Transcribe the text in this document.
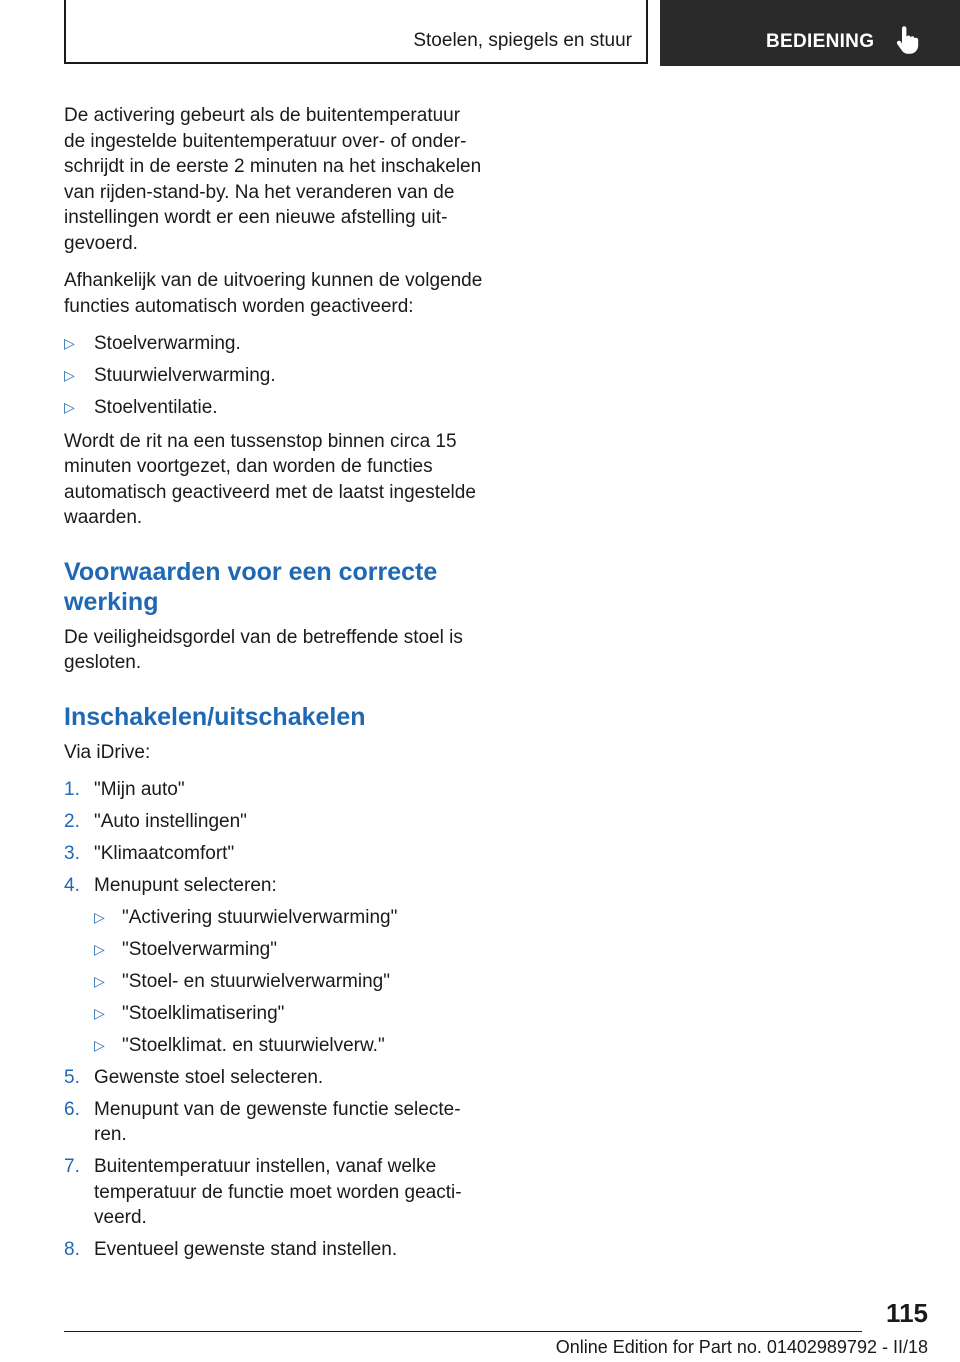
Stoelen, spiegels en stuur	BEDIENING

De activering gebeurt als de buitentemperatuur de ingestelde buitentemperatuur over- of onderschrijdt in de eerste 2 minuten na het inschakelen van rijden-stand-by. Na het veranderen van de instellingen wordt er een nieuwe afstelling uitgevoerd.

Afhankelijk van de uitvoering kunnen de volgende functies automatisch worden geactiveerd:

▷ Stoelverwarming.
▷ Stuurwielverwarming.
▷ Stoelventilatie.

Wordt de rit na een tussenstop binnen circa 15 minuten voortgezet, dan worden de functies automatisch geactiveerd met de laatst ingestelde waarden.

Voorwaarden voor een correcte werking

De veiligheidsgordel van de betreffende stoel is gesloten.

Inschakelen/uitschakelen

Via iDrive:

1. "Mijn auto"
2. "Auto instellingen"
3. "Klimaatcomfort"
4. Menupunt selecteren:
▷ "Activering stuurwielverwarming"
▷ "Stoelverwarming"
▷ "Stoel- en stuurwielverwarming"
▷ "Stoelklimatisering"
▷ "Stoelklimat. en stuurwielverw."
5. Gewenste stoel selecteren.
6. Menupunt van de gewenste functie selecteren.
7. Buitentemperatuur instellen, vanaf welke temperatuur de functie moet worden geactiveerd.
8. Eventueel gewenste stand instellen.
115
Online Edition for Part no. 01402989792 - II/18
